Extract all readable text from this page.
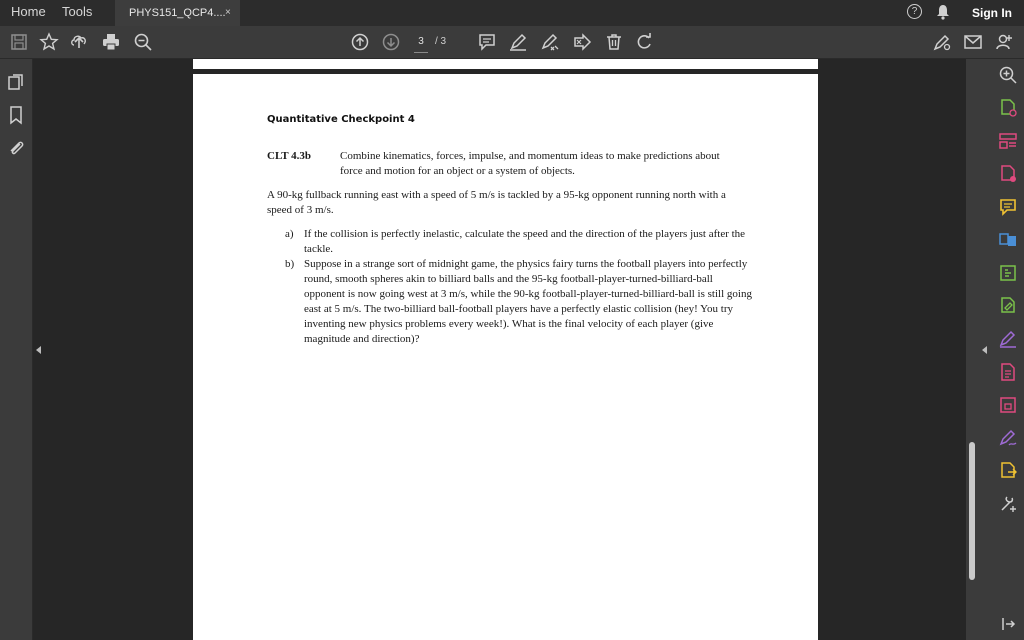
Home Tools	PHYS151_QCP4.... ×	?	Sign In
3	/ 3
Quantitative Checkpoint 4
CLT 4.3b	Combine kinematics, forces, impulse, and momentum ideas to make predictions about force and motion for an object or a system of objects.
A 90-kg fullback running east with a speed of 5 m/s is tackled by a 95-kg opponent running north with a speed of 3 m/s.
a) If the collision is perfectly inelastic, calculate the speed and the direction of the players just after the tackle.
b) Suppose in a strange sort of midnight game, the physics fairy turns the football players into perfectly round, smooth spheres akin to billiard balls and the 95-kg football-player-turned-billiard-ball opponent is now going west at 3 m/s, while the 90-kg football-player-turned-billiard-ball is still going east at 5 m/s. The two-billiard ball-football players have a perfectly elastic collision (hey! You try inventing new physics problems every week!). What is the final velocity of each player (give magnitude and direction)?
